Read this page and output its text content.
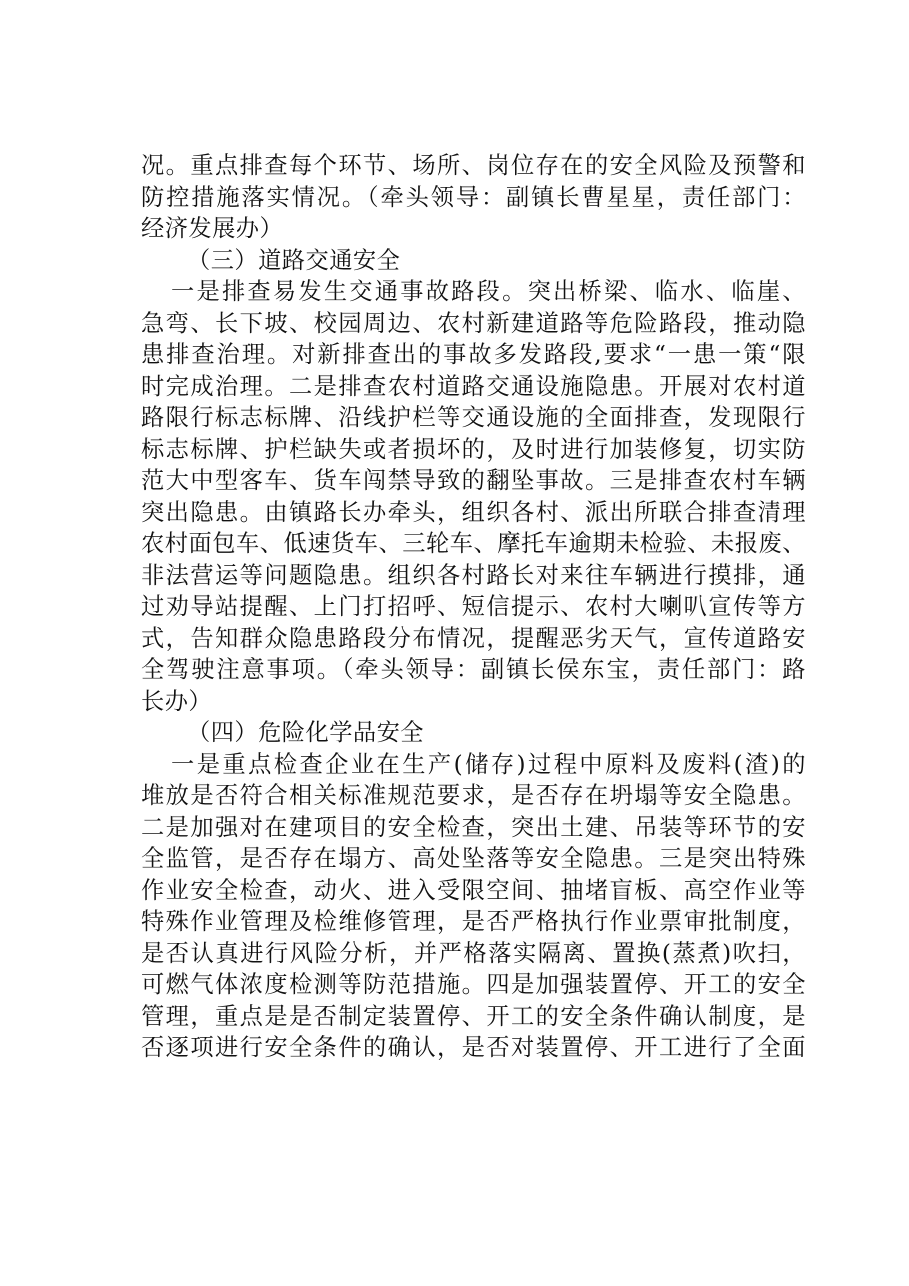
况。重点排查每个环节、场所、岗位存在的安全风险及预警和
防控措施落实情况。（牵头领导：副镇长曹星星，责任部门：
经济发展办）
（三）道路交通安全
一是排查易发生交通事故路段。突出桥梁、临水、临崖、
急弯、长下坡、校园周边、农村新建道路等危险路段，推动隐
患排查治理。对新排查出的事故多发路段,要求“一患一策“限
时完成治理。二是排查农村道路交通设施隐患。开展对农村道
路限行标志标牌、沿线护栏等交通设施的全面排查，发现限行
标志标牌、护栏缺失或者损坏的，及时进行加装修复，切实防
范大中型客车、货车闯禁导致的翻坠事故。三是排查农村车辆
突出隐患。由镇路长办牵头，组织各村、派出所联合排查清理
农村面包车、低速货车、三轮车、摩托车逾期未检验、未报废、
非法营运等问题隐患。组织各村路长对来往车辆进行摸排，通
过劝导站提醒、上门打招呼、短信提示、农村大喇叭宣传等方
式，告知群众隐患路段分布情况，提醒恶劣天气，宣传道路安
全驾驶注意事项。（牵头领导：副镇长侯东宝，责任部门：路
长办）
（四）危险化学品安全
一是重点检查企业在生产(储存)过程中原料及废料(渣)的
堆放是否符合相关标准规范要求，是否存在坍塌等安全隐患。
二是加强对在建项目的安全检查，突出土建、吊装等环节的安
全监管，是否存在塌方、高处坠落等安全隐患。三是突出特殊
作业安全检查，动火、进入受限空间、抽堵盲板、高空作业等
特殊作业管理及检维修管理，是否严格执行作业票审批制度，
是否认真进行风险分析，并严格落实隔离、置换(蒸煮)吹扫，
可燃气体浓度检测等防范措施。四是加强装置停、开工的安全
管理，重点是是否制定装置停、开工的安全条件确认制度，是
否逐项进行安全条件的确认，是否对装置停、开工进行了全面
